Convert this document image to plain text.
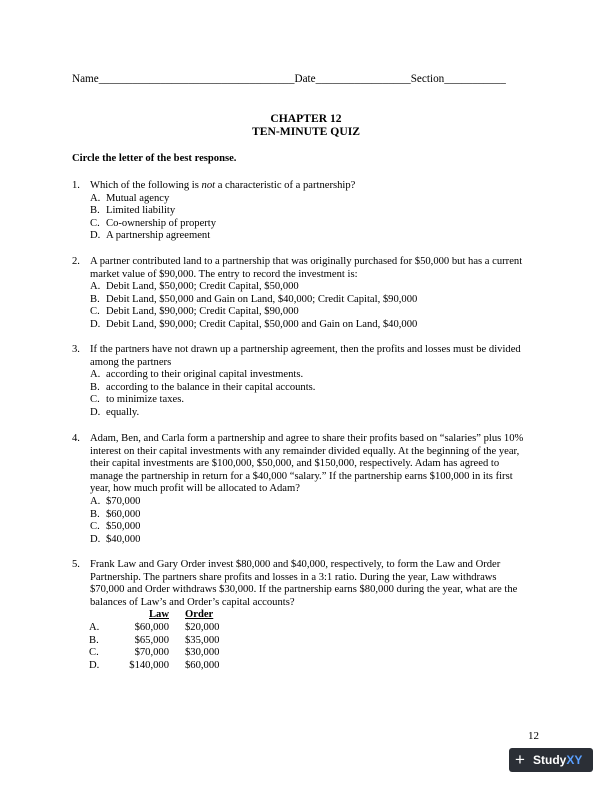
Name___________________________________Date_________________Section___________
CHAPTER 12
TEN-MINUTE QUIZ
Circle the letter of the best response.
1. Which of the following is not a characteristic of a partnership?
A. Mutual agency
B. Limited liability
C. Co-ownership of property
D. A partnership agreement
2. A partner contributed land to a partnership that was originally purchased for $50,000 but has a current
market value of $90,000. The entry to record the investment is:
A. Debit Land, $50,000; Credit Capital, $50,000
B. Debit Land, $50,000 and Gain on Land, $40,000; Credit Capital, $90,000
C. Debit Land, $90,000; Credit Capital, $90,000
D. Debit Land, $90,000; Credit Capital, $50,000 and Gain on Land, $40,000
3. If the partners have not drawn up a partnership agreement, then the profits and losses must be divided
among the partners
A. according to their original capital investments.
B. according to the balance in their capital accounts.
C. to minimize taxes.
D. equally.
4. Adam, Ben, and Carla form a partnership and agree to share their profits based on “salaries” plus 10%
interest on their capital investments with any remainder divided equally. At the beginning of the year,
their capital investments are $100,000, $50,000, and $150,000, respectively. Adam has agreed to
manage the partnership in return for a $40,000 “salary.” If the partnership earns $100,000 in its first
year, how much profit will be allocated to Adam?
A. $70,000
B. $60,000
C. $50,000
D. $40,000
5. Frank Law and Gary Order invest $80,000 and $40,000, respectively, to form the Law and Order
Partnership. The partners share profits and losses in a 3:1 ratio. During the year, Law withdraws
$70,000 and Order withdraws $30,000. If the partnership earns $80,000 during the year, what are the
balances of Law’s and Order’s capital accounts?
	Law	Order
A.	$60,000	$20,000
B.	$65,000	$35,000
C.	$70,000	$30,000
D.	$140,000	$60,000
12
+ StudyXY
